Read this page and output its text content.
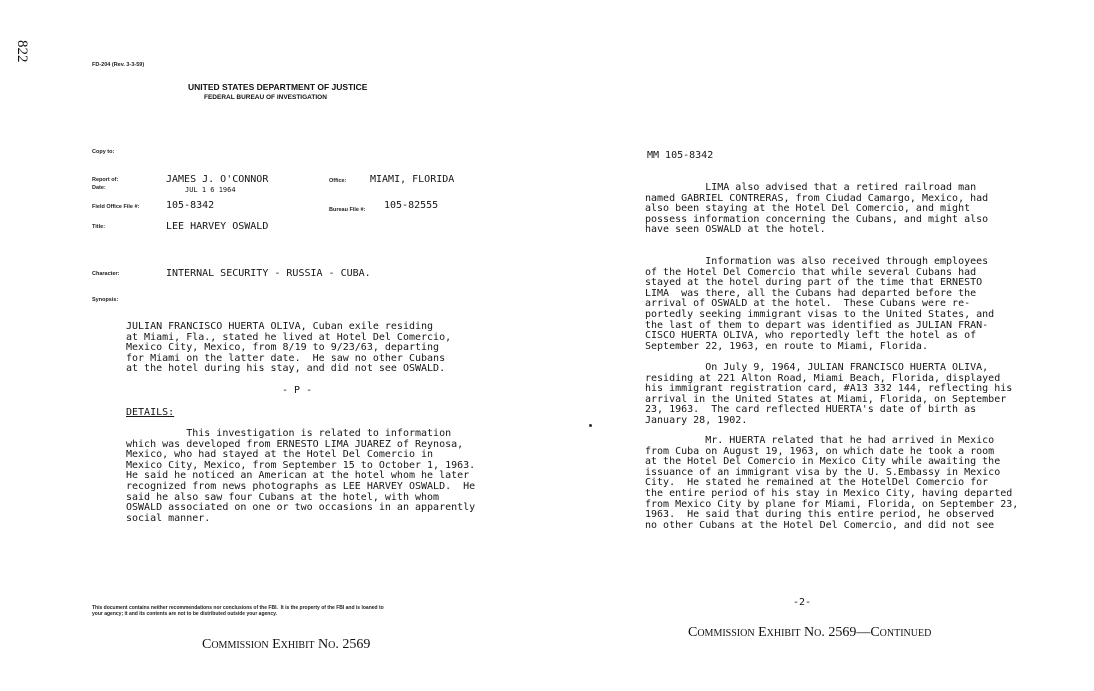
822
FD-204 (Rev. 3-3-59)
UNITED STATES DEPARTMENT OF JUSTICE
FEDERAL BUREAU OF INVESTIGATION
Copy to:
Report of:	JAMES J. O'CONNOR
Date:	JUL 1 6 1964
Office: MIAMI, FLORIDA
Field Office File #:	105-8342	Bureau File #: 105-82555
Title:	LEE HARVEY OSWALD
Character:	INTERNAL SECURITY - RUSSIA - CUBA.
Synopsis:
JULIAN FRANCISCO HUERTA OLIVA, Cuban exile residing
at Miami, Fla., stated he lived at Hotel Del Comercio,
Mexico City, Mexico, from 8/19 to 9/23/63, departing
for Miami on the latter date.  He saw no other Cubans
at the hotel during his stay, and did not see OSWALD.
- P -
DETAILS:
This investigation is related to information
which was developed from ERNESTO LIMA JUAREZ of Reynosa,
Mexico, who had stayed at the Hotel Del Comercio in
Mexico City, Mexico, from September 15 to October 1, 1963.
He said he noticed an American at the hotel whom he later
recognized from news photographs as LEE HARVEY OSWALD.  He
said he also saw four Cubans at the hotel, with whom
OSWALD associated on one or two occasions in an apparently
social manner.
This document contains neither recommendations nor conclusions of the FBI.  It is the property of the FBI and is loaned to
your agency; it and its contents are not to be distributed outside your agency.
Commission Exhibit No. 2569
MM 105-8342
LIMA also advised that a retired railroad man
named GABRIEL CONTRERAS, from Ciudad Camargo, Mexico, had
also been staying at the Hotel Del Comercio, and might
possess information concerning the Cubans, and might also
have seen OSWALD at the hotel.
Information was also received through employees
of the Hotel Del Comercio that while several Cubans had
stayed at the hotel during part of the time that ERNESTO
LIMA  was there, all the Cubans had departed before the
arrival of OSWALD at the hotel.  These Cubans were re-
portedly seeking immigrant visas to the United States, and
the last of them to depart was identified as JULIAN FRAN-
CISCO HUERTA OLIVA, who reportedly left the hotel as of
September 22, 1963, en route to Miami, Florida.
On July 9, 1964, JULIAN FRANCISCO HUERTA OLIVA,
residing at 221 Alton Road, Miami Beach, Florida, displayed
his immigrant registration card, #A13 332 144, reflecting his
arrival in the United States at Miami, Florida, on September
23, 1963.  The card reflected HUERTA's date of birth as
January 28, 1902.
Mr. HUERTA related that he had arrived in Mexico
from Cuba on August 19, 1963, on which date he took a room
at the Hotel Del Comercio in Mexico City while awaiting the
issuance of an immigrant visa by the U. S.Embassy in Mexico
City.  He stated he remained at the HotelDel Comercio for
the entire period of his stay in Mexico City, having departed
from Mexico City by plane for Miami, Florida, on September 23,
1963.  He said that during this entire period, he observed
no other Cubans at the Hotel Del Comercio, and did not see
-2-
Commission Exhibit No. 2569—Continued
